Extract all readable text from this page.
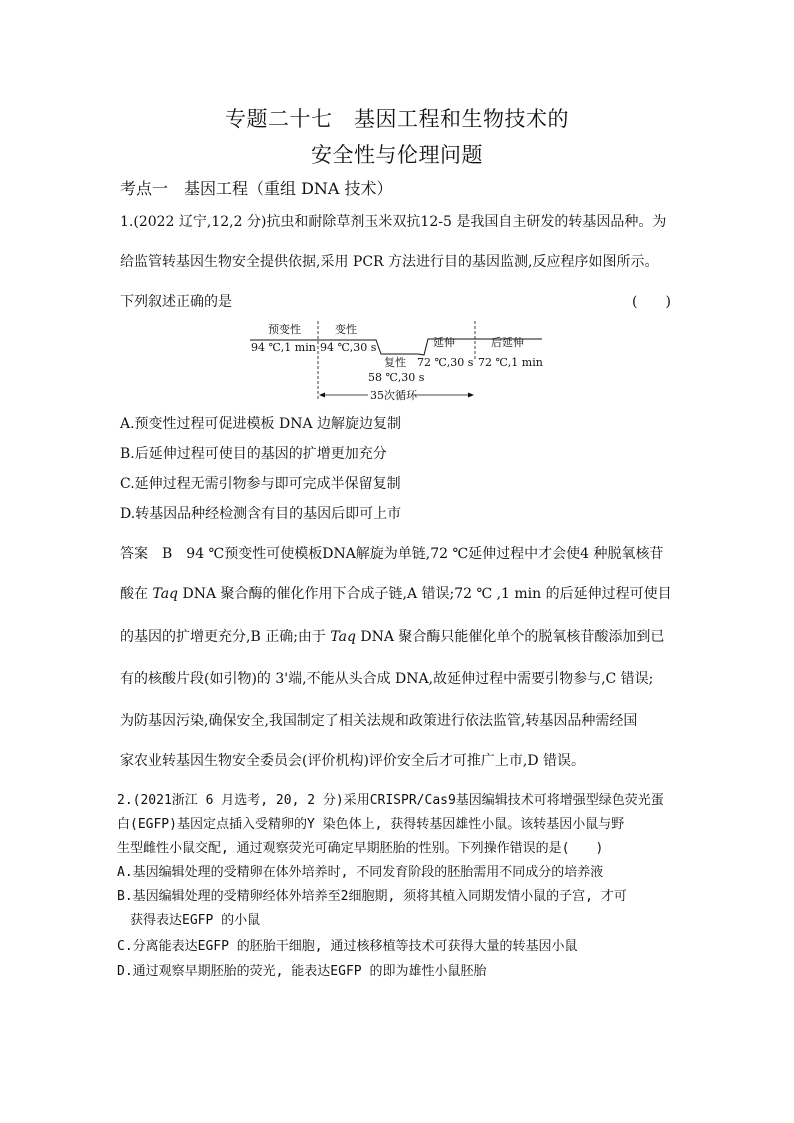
专题二十七　基因工程和生物技术的
安全性与伦理问题
考点一　基因工程（重组 DNA 技术）
1.(2022 辽宁,12,2 分)抗虫和耐除草剂玉米双抗12-5 是我国自主研发的转基因品种。为
给监管转基因生物安全提供依据,采用 PCR 方法进行目的基因监测,反应程序如图所示。
下列叙述正确的是	(　　)
预变性
94 ℃,1 min
变性
94 ℃,30 s
复性
延伸
72 ℃,30 s
后延伸
72 ℃,1 min
58 ℃,30 s
35次循环
A.预变性过程可促进模板 DNA 边解旋边复制
B.后延伸过程可使目的基因的扩增更加充分
C.延伸过程无需引物参与即可完成半保留复制
D.转基因品种经检测含有目的基因后即可上市
答案　B　94 ℃预变性可使模板DNA解旋为单链,72 ℃延伸过程中才会使4 种脱氧核苷
酸在 Taq DNA 聚合酶的催化作用下合成子链,A 错误;72 ℃ ,1 min 的后延伸过程可使目
的基因的扩增更充分,B 正确;由于 Taq DNA 聚合酶只能催化单个的脱氧核苷酸添加到已
有的核酸片段(如引物)的 3'端,不能从头合成 DNA,故延伸过程中需要引物参与,C 错误;
为防基因污染,确保安全,我国制定了相关法规和政策进行依法监管,转基因品种需经国
家农业转基因生物安全委员会(评价机构)评价安全后才可推广上市,D 错误。
2.(2021浙江 6 月选考, 20, 2 分)采用CRISPR/Cas9基因编辑技术可将增强型绿色荧光蛋
白(EGFP)基因定点插入受精卵的Y 染色体上, 获得转基因雄性小鼠。该转基因小鼠与野
生型雌性小鼠交配, 通过观察荧光可确定早期胚胎的性别。下列操作错误的是(　　)
A.基因编辑处理的受精卵在体外培养时, 不同发育阶段的胚胎需用不同成分的培养液
B.基因编辑处理的受精卵经体外培养至2细胞期, 须将其植入同期发情小鼠的子宫, 才可
获得表达EGFP 的小鼠
C.分离能表达EGFP 的胚胎干细胞, 通过核移植等技术可获得大量的转基因小鼠
D.通过观察早期胚胎的荧光, 能表达EGFP 的即为雄性小鼠胚胎
